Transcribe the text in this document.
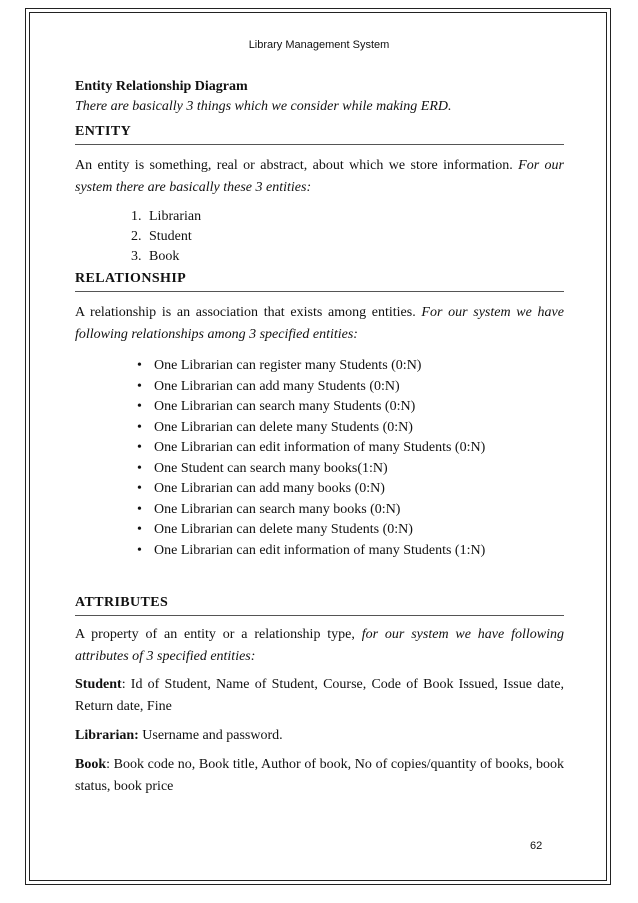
Library Management System
Entity Relationship Diagram
There are basically 3 things which we consider while making ERD.
ENTITY

An entity is something, real or abstract, about which we store information. For our system there are basically these 3 entities:

1. Librarian
2. Student
3. Book
RELATIONSHIP

A relationship is an association that exists among entities. For our system we have following relationships among 3 specified entities:

• One Librarian can register many Students (0:N)
• One Librarian can add many Students (0:N)
• One Librarian can search many Students (0:N)
• One Librarian can delete many Students (0:N)
• One Librarian can edit information of many Students (0:N)
• One Student can search many books(1:N)
• One Librarian can add many books (0:N)
• One Librarian can search many books (0:N)
• One Librarian can delete many Students (0:N)
• One Librarian can edit information of many Students (1:N)
ATTRIBUTES

A property of an entity or a relationship type, for our system we have following attributes of 3 specified entities:

Student: Id of Student, Name of Student, Course, Code of Book Issued, Issue date, Return date, Fine

Librarian: Username and password.

Book: Book code no, Book title, Author of book, No of copies/quantity of books, book status, book price

62
